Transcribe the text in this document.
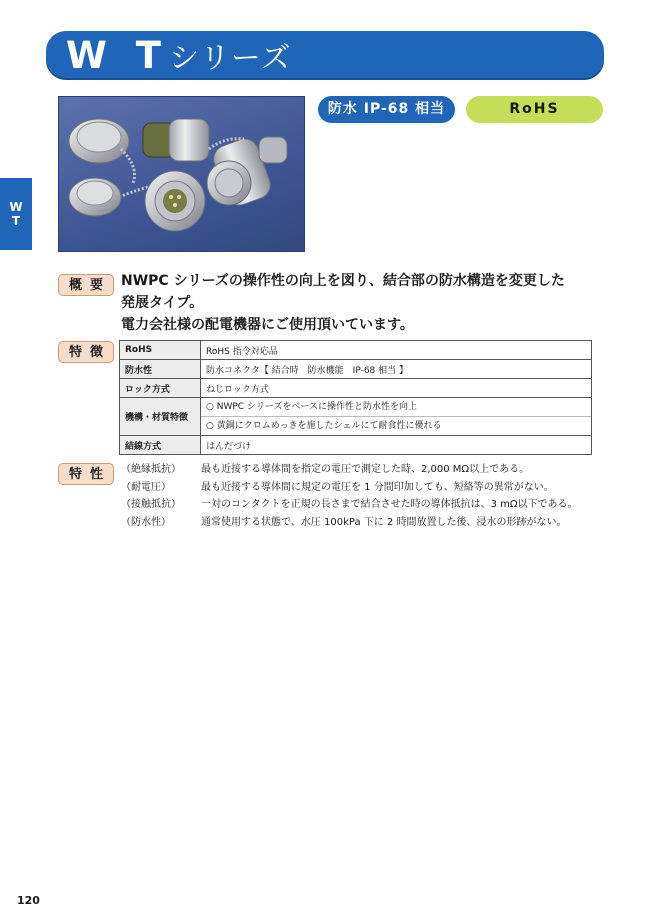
W Tシリーズ
W
T
防水 IP-68 相当	RoHS
概要 NWPC シリーズの操作性の向上を図り、結合部の防水構造を変更した
発展タイプ。
電力会社様の配電機器にご使用頂いています。
特徴	RoHS	RoHS 指令対応品
防水性	防水コネクタ【 結合時　防水機能　IP-68 相当 】
ロック方式	ねじロック方式
機構・材質特徴	○ NWPC シリーズをベースに操作性と防水性を向上
○ 黄銅にクロムめっきを施したシェルにて耐食性に優れる

結線方式	はんだづけ
特性	（絶縁抵抗）	最も近接する導体間を指定の電圧で測定した時、2,000 MΩ以上である。
（耐電圧）	最も近接する導体間に規定の電圧を 1 分間印加しても、短絡等の異常がない。
（接触抵抗）	一対のコンタクトを正規の長さまで結合させた時の導体抵抗は、3 mΩ以下である。
（防水性）	通常使用する状態で、水圧 100kPa 下に 2 時間放置した後、浸水の形跡がない。
120
